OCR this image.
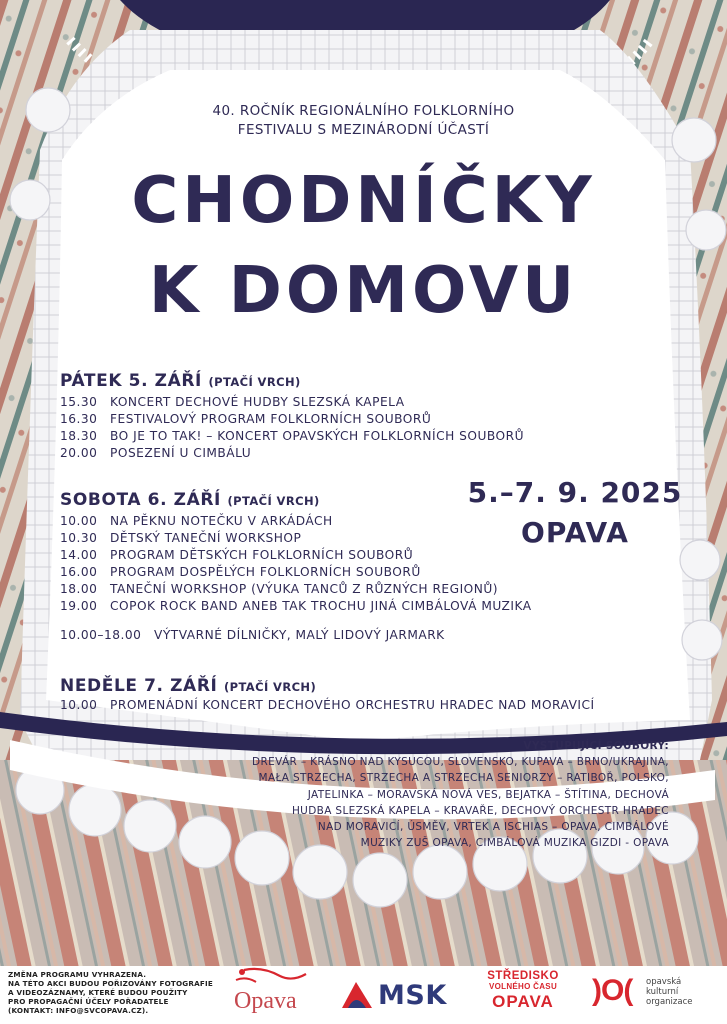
40. ROČNÍK REGIONÁLNÍHO FOLKLORNÍHO
FESTIVALU S MEZINÁRODNÍ ÚČASTÍ
CHODNÍČKY
K DOMOVU
PÁTEK 5. ZÁŘÍ (PTAČÍ VRCH)
15.30 KONCERT DECHOVÉ HUDBY SLEZSKÁ KAPELA
16.30 FESTIVALOVÝ PROGRAM FOLKLORNÍCH SOUBORŮ
18.30 BO JE TO TAK! – KONCERT OPAVSKÝCH FOLKLORNÍCH SOUBORŮ
20.00 POSEZENÍ U CIMBÁLU
5.–7. 9. 2025
OPAVA
SOBOTA 6. ZÁŘÍ (PTAČÍ VRCH)
10.00 NA PĚKNU NOTEČKU V ARKÁDÁCH
10.30 DĚTSKÝ TANEČNÍ WORKSHOP
14.00 PROGRAM DĚTSKÝCH FOLKLORNÍCH SOUBORŮ
16.00 PROGRAM DOSPĚLÝCH FOLKLORNÍCH SOUBORŮ
18.00 TANEČNÍ WORKSHOP (VÝUKA TANCŮ Z RŮZNÝCH REGIONŮ)
19.00 COPOK ROCK BAND ANEB TAK TROCHU JINÁ CIMBÁLOVÁ MUZIKA
10.00–18.00 VÝTVARNÉ DÍLNIČKY, MALÝ LIDOVÝ JARMARK
NEDĚLE 7. ZÁŘÍ (PTAČÍ VRCH)
10.00 PROMENÁDNÍ KONCERT DECHOVÉHO ORCHESTRU HRADEC NAD MORAVICÍ
VYSTUPUJÍCÍ SOUBORY:
DREVÁR – KRÁSNO NAD KYSUCOU, SLOVENSKO, KUPAVA – BRNO/UKRAJINA,
MAŁA STRZECHA, STRZECHA A STRZECHA SENIORZY – RATIBOŘ, POLSKO,
JATELINKA – MORAVSKÁ NOVÁ VES, BEJATKA – ŠTÍTINA, DECHOVÁ
HUDBA SLEZSKÁ KAPELA – KRAVAŘE, DECHOVÝ ORCHESTR HRADEC
NAD MORAVICÍ, ÚSMĚV, VRTEK A ISCHIAS – OPAVA, CIMBÁLOVÉ
MUZIKY ZUŠ OPAVA, CIMBÁLOVÁ MUZIKA GIZDI - OPAVA
ZMĚNA PROGRAMU VYHRAZENA.
NA TÉTO AKCI BUDOU POŘIZOVÁNY FOTOGRAFIE
A VIDEOZÁZNAMY, KTERÉ BUDOU POUŽITY
PRO PROPAGAČNÍ ÚČELY POŘADATELE
(KONTAKT: INFO@SVCOPAVA.CZ).	Opava	MSK
STŘEDISKO
VOLNÉHO ČASU
OPAVA	)O( opavská
kulturní
organizace
